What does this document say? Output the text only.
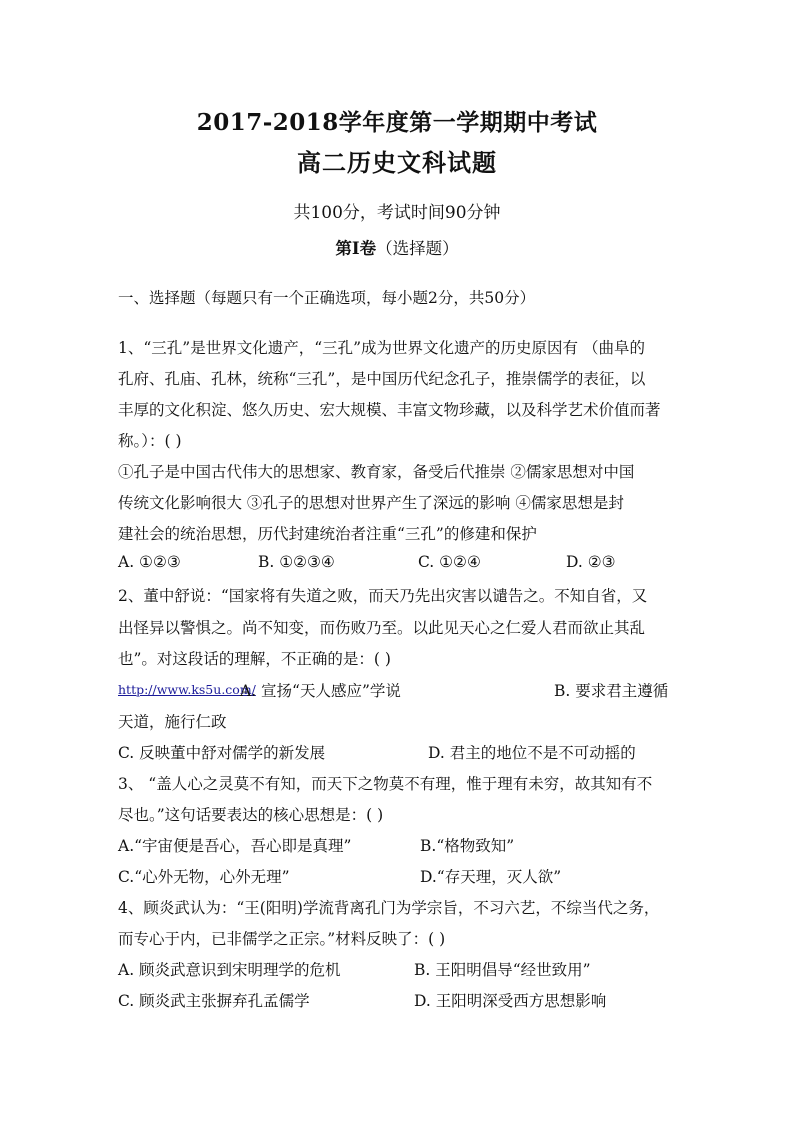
2017-2018学年度第一学期期中考试
高二历史文科试题

共100分，考试时间90分钟

第Ⅰ卷（选择题）

一、选择题（每题只有一个正确选项，每小题2分，共50分）

1、“三孔”是世界文化遗产，“三孔”成为世界文化遗产的历史原因有 （曲阜的

孔府、孔庙、孔林，统称“三孔”，是中国历代纪念孔子，推崇儒学的表征，以

丰厚的文化积淀、悠久历史、宏大规模、丰富文物珍藏，以及科学艺术价值而著

称。）：( )

①孔子是中国古代伟大的思想家、教育家，备受后代推崇 ②儒家思想对中国

传统文化影响很大 ③孔子的思想对世界产生了深远的影响 ④儒家思想是封

建社会的统治思想，历代封建统治者注重“三孔”的修建和保护

A. ①②③	B. ①②③④	C. ①②④	D. ②③

2、董中舒说：“国家将有失道之败，而天乃先出灾害以谴告之。不知自省，又

出怪异以警惧之。尚不知变，而伤败乃至。以此见天心之仁爱人君而欲止其乱

也”。对这段话的理解，不正确的是：( )

http://www.ks5u.com/
A. 宣扬“天人感应”学说	B. 要求君主遵循

天道，施行仁政

C. 反映董中舒对儒学的新发展	D. 君主的地位不是不可动摇的

3、 “盖人心之灵莫不有知，而天下之物莫不有理，惟于理有未穷，故其知有不

尽也。”这句话要表达的核心思想是：( )

A.“宇宙便是吾心，吾心即是真理”	B.“格物致知”
C.“心外无物，心外无理”	D.“存天理，灭人欲”

4、顾炎武认为：“王(阳明)学流背离孔门为学宗旨，不习六艺，不综当代之务，

而专心于内，已非儒学之正宗。”材料反映了：( )

A. 顾炎武意识到宋明理学的危机	B. 王阳明倡导“经世致用”
C. 顾炎武主张摒弃孔孟儒学	D. 王阳明深受西方思想影响
